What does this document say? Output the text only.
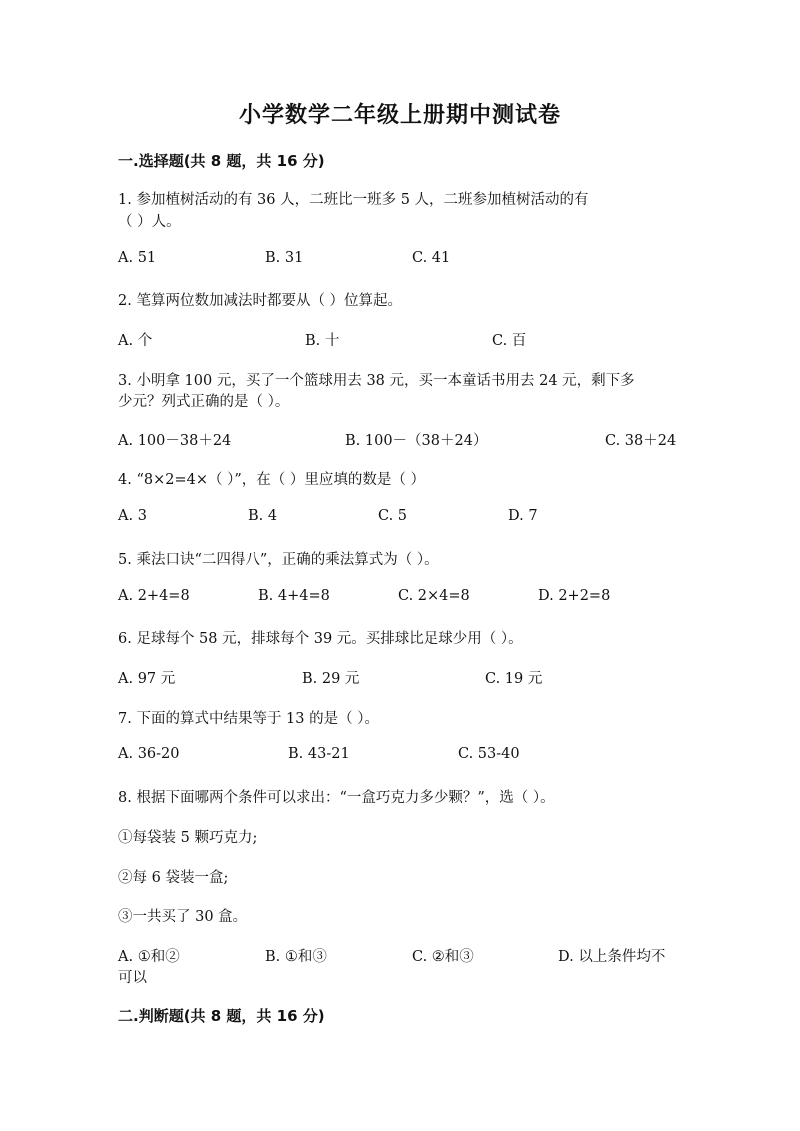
小学数学二年级上册期中测试卷
一.选择题(共 8 题，共 16 分)
1. 参加植树活动的有 36 人，二班比一班多 5 人，二班参加植树活动的有
（ ）人。
A. 51	B. 31	C. 41
2. 笔算两位数加减法时都要从（ ）位算起。
A. 个	B. 十	C. 百
3. 小明拿 100 元，买了一个篮球用去 38 元，买一本童话书用去 24 元，剩下多
少元？列式正确的是（ ）。
A. 100－38＋24	B. 100－（38＋24）	C. 38＋24
4. “8×2=4×（ ）”，在（ ）里应填的数是（ ）
A. 3	B. 4	C. 5	D. 7
5. 乘法口诀“二四得八”，正确的乘法算式为（ ）。
A. 2+4=8	B. 4+4=8	C. 2×4=8	D. 2+2=8
6. 足球每个 58 元，排球每个 39 元。买排球比足球少用（ ）。
A. 97 元	B. 29 元	C. 19 元
7. 下面的算式中结果等于 13 的是（ ）。
A. 36-20	B. 43-21	C. 53-40
8. 根据下面哪两个条件可以求出：“一盒巧克力多少颗？”，选（ ）。
①每袋装 5 颗巧克力;
②每 6 袋装一盒;
③一共买了 30 盒。
A. ①和②	B. ①和③	C. ②和③	D. 以上条件均不
可以
二.判断题(共 8 题，共 16 分)
